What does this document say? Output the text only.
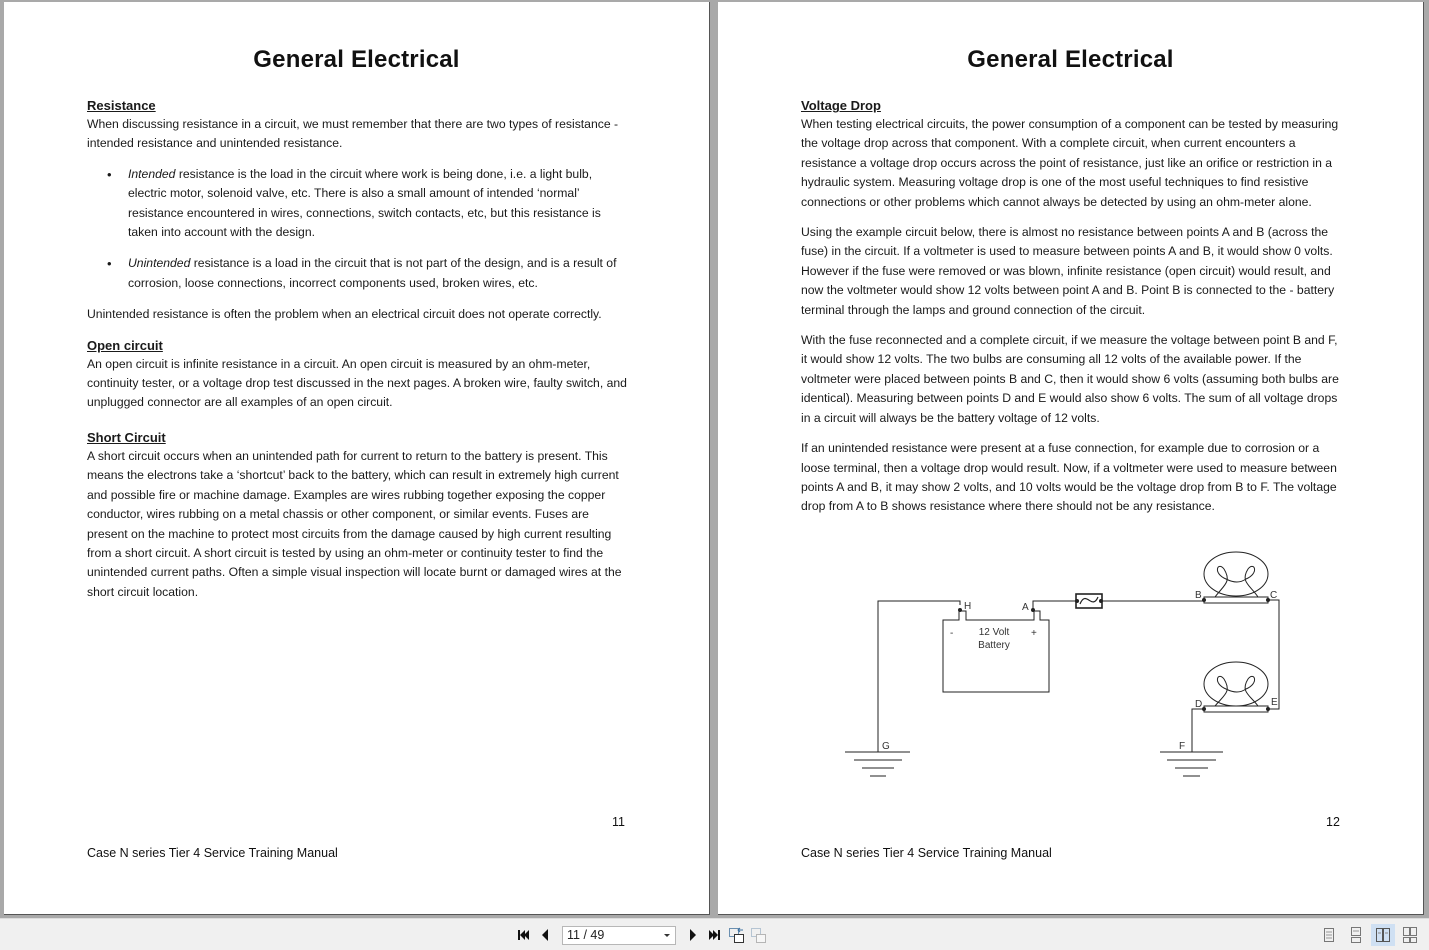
General Electrical
Resistance

When discussing resistance in a circuit, we must remember that there are two types of resistance - intended resistance and unintended resistance.

• Intended resistance is the load in the circuit where work is being done, i.e. a light bulb, electric motor, solenoid valve, etc. There is also a small amount of intended ‘normal’ resistance encountered in wires, connections, switch contacts, etc, but this resistance is taken into account with the design.
• Unintended resistance is a load in the circuit that is not part of the design, and is a result of corrosion, loose connections, incorrect components used, broken wires, etc.

Unintended resistance is often the problem when an electrical circuit does not operate correctly.

Open circuit

An open circuit is infinite resistance in a circuit. An open circuit is measured by an ohm-meter, continuity tester, or a voltage drop test discussed in the next pages. A broken wire, faulty switch, and unplugged connector are all examples of an open circuit.

Short Circuit

A short circuit occurs when an unintended path for current to return to the battery is present. This means the electrons take a ‘shortcut’ back to the battery, which can result in extremely high current and possible fire or machine damage. Examples are wires rubbing together exposing the copper conductor, wires rubbing on a metal chassis or other component, or similar events. Fuses are present on the machine to protect most circuits from the damage caused by high current resulting from a short circuit. A short circuit is tested by using an ohm-meter or continuity tester to find the unintended current paths. Often a simple visual inspection will locate burnt or damaged wires at the short circuit location.

11
Case N series Tier 4 Service Training Manual
General Electrical
Voltage Drop

When testing electrical circuits, the power consumption of a component can be tested by measuring the voltage drop across that component. With a complete circuit, when current encounters a resistance a voltage drop occurs across the point of resistance, just like an orifice or restriction in a hydraulic system. Measuring voltage drop is one of the most useful techniques to find resistive connections or other problems which cannot always be detected by using an ohm-meter alone.

Using the example circuit below, there is almost no resistance between points A and B (across the fuse) in the circuit. If a voltmeter is used to measure between points A and B, it would show 0 volts. However if the fuse were removed or was blown, infinite resistance (open circuit) would result, and now the voltmeter would show 12 volts between point A and B. Point B is connected to the - battery terminal through the lamps and ground connection of the circuit.

With the fuse reconnected and a complete circuit, if we measure the voltage between point B and F, it would show 12 volts. The two bulbs are consuming all 12 volts of the available power. If the voltmeter were placed between points B and C, then it would show 6 volts (assuming both bulbs are identical). Measuring between points D and E would also show 6 volts. The sum of all voltage drops in a circuit will always be the battery voltage of 12 volts.

If an unintended resistance were present at a fuse connection, for example due to corrosion or a loose terminal, then a voltage drop would result. Now, if a voltmeter were used to measure between points A and B, it may show 2 volts, and 10 volts would be the voltage drop from B to F. The voltage drop from A to B shows resistance where there should not be any resistance.

H	A
B	C
D	E
G	F
-	+
12 Volt
Battery
12
Case N series Tier 4 Service Training Manual
11 / 49
